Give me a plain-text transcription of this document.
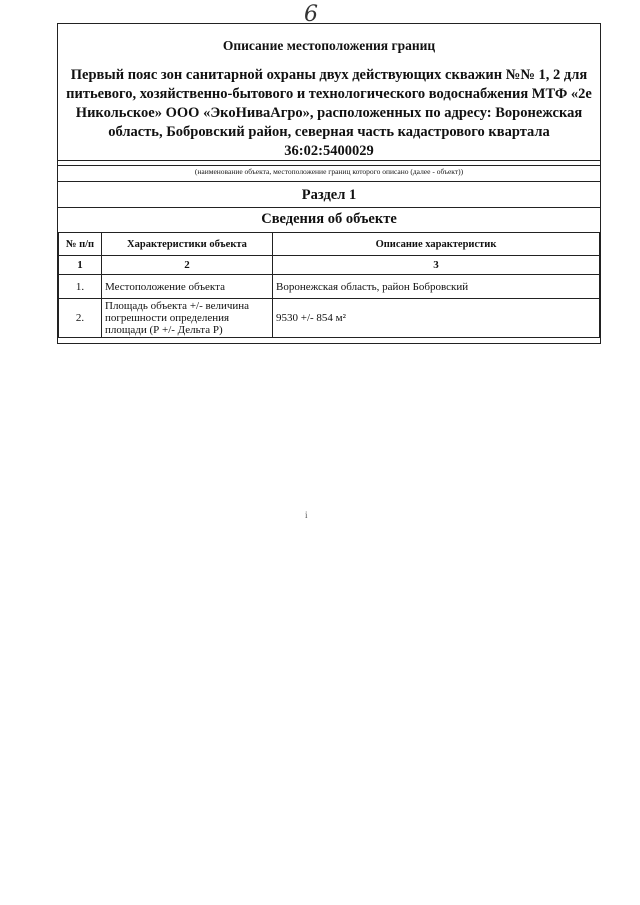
6
Описание местоположения границ
Первый пояс зон санитарной охраны двух действующих скважин №№ 1, 2 для питьевого, хозяйственно-бытового и технологического водоснабжения МТФ «2е Никольское» ООО «ЭкоНиваАгро», расположенных по адресу: Воронежская область, Бобровский район, северная часть кадастрового квартала 36:02:5400029
(наименование объекта, местоположение границ которого описано (далее - объект))
Раздел 1
Сведения об объекте
№ п/п	Характеристики объекта	Описание характеристик
1	2	3
1.	Местоположение объекта	Воронежская область, район Бобровский
2.	Площадь объекта +/- величина погрешности определения площади (Р +/- Дельта Р)	9530 +/- 854 м²
i
